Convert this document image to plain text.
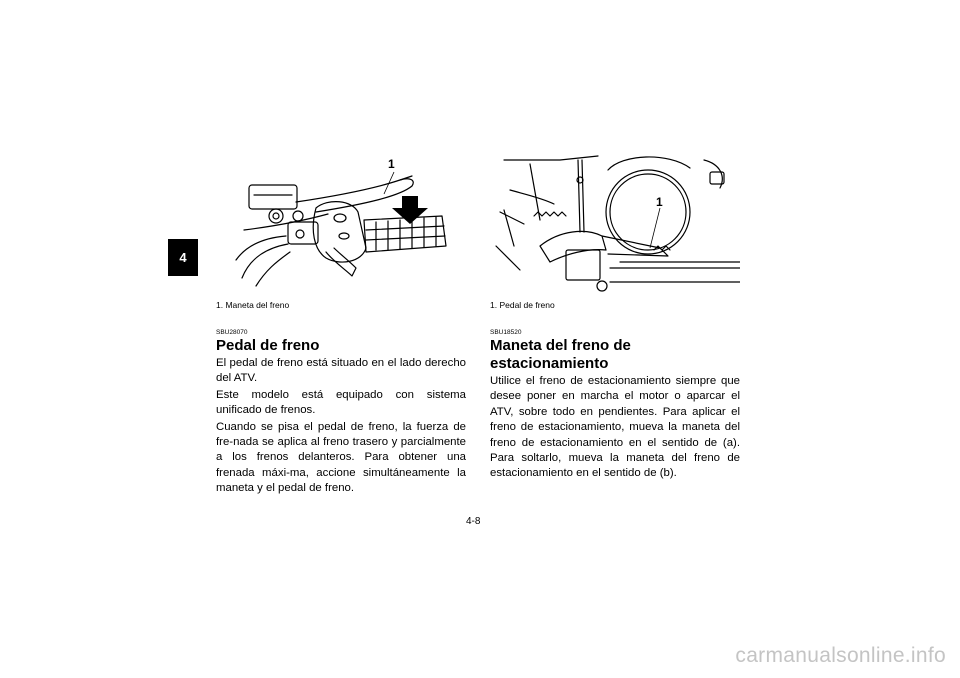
4
1
1. Maneta del freno
SBU28070
Pedal de freno

El pedal de freno está situado en el lado derecho del ATV.

Este modelo está equipado con sistema unificado de frenos.

Cuando se pisa el pedal de freno, la fuerza de fre-nada se aplica al freno trasero y parcialmente a los frenos delanteros. Para obtener una frenada máxi-ma, accione simultáneamente la maneta y el pedal de freno.

1
1. Pedal de freno
SBU18520
Maneta del freno de estacionamiento

Utilice el freno de estacionamiento siempre que desee poner en marcha el motor o aparcar el ATV, sobre todo en pendientes. Para aplicar el freno de estacionamiento, mueva la maneta del freno de estacionamiento en el sentido de (a). Para soltarlo, mueva la maneta del freno de estacionamiento en el sentido de (b).

4-8
carmanualsonline.info
